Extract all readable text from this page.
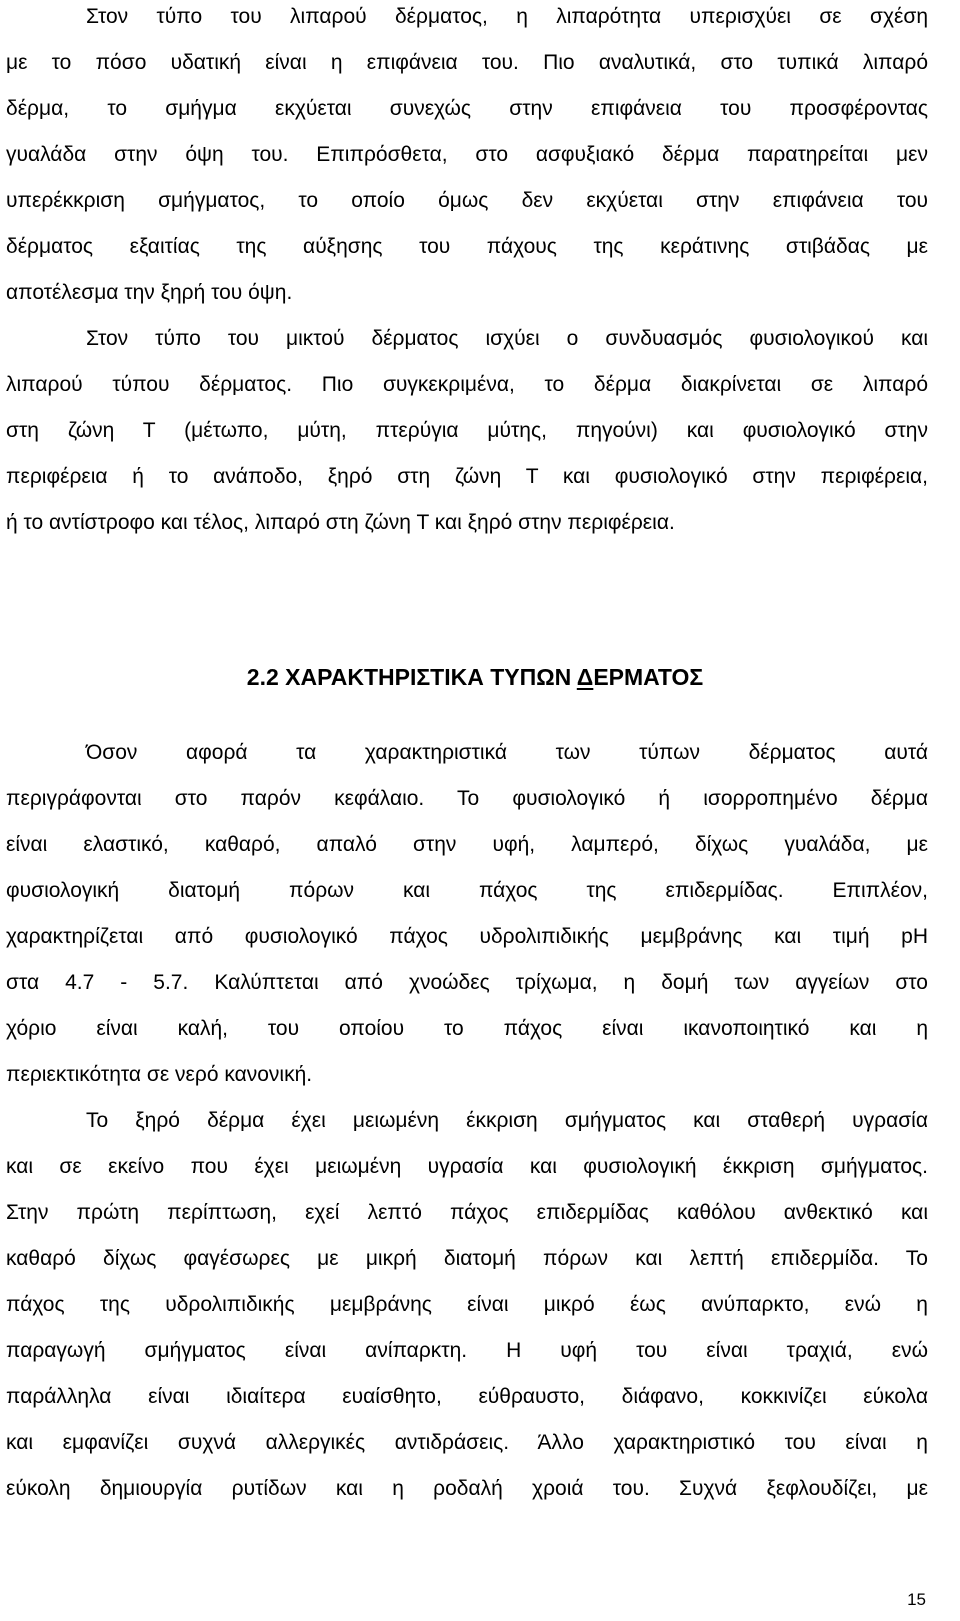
Στον τύπο του λιπαρού δέρματος, η λιπαρότητα υπερισχύει σε σχέση
με το πόσο υδατική είναι η επιφάνεια του. Πιο αναλυτικά, στο τυπικά λιπαρό
δέρμα, το σμήγμα εκχύεται συνεχώς στην επιφάνεια του προσφέροντας
γυαλάδα στην όψη του. Επιπρόσθετα, στο ασφυξιακό δέρμα παρατηρείται μεν
υπερέκκριση σμήγματος, το οποίο όμως δεν εκχύεται στην επιφάνεια του
δέρματος εξαιτίας της αύξησης του πάχους της κεράτινης στιβάδας με
αποτέλεσμα την ξηρή του όψη.
Στον τύπο του μικτού δέρματος ισχύει ο συνδυασμός φυσιολογικού και
λιπαρού τύπου δέρματος. Πιο συγκεκριμένα, το δέρμα διακρίνεται σε λιπαρό
στη ζώνη Τ (μέτωπο, μύτη, πτερύγια μύτης, πηγούνι) και φυσιολογικό στην
περιφέρεια ή το ανάποδο, ξηρό στη ζώνη Τ και φυσιολογικό στην περιφέρεια,
ή το αντίστροφο και τέλος, λιπαρό στη ζώνη Τ και ξηρό στην περιφέρεια.
2.2 ΧΑΡΑΚΤΗΡΙΣΤΙΚΑ ΤΥΠΩΝ ΔΕΡΜΑΤΟΣ
Όσον αφορά τα χαρακτηριστικά των τύπων δέρματος αυτά
περιγράφονται στο παρόν κεφάλαιο. Το φυσιολογικό ή ισορροπημένο δέρμα
είναι ελαστικό, καθαρό, απαλό στην υφή, λαμπερό, δίχως γυαλάδα, με
φυσιολογική διατομή πόρων και πάχος της επιδερμίδας. Επιπλέον,
χαρακτηρίζεται από φυσιολογικό πάχος υδρολιπιδικής μεμβράνης και τιμή pH
στα 4.7 - 5.7. Καλύπτεται από χνοώδες τρίχωμα, η δομή των αγγείων στο
χόριο είναι καλή, του οποίου το πάχος είναι ικανοποιητικό και η
περιεκτικότητα σε νερό κανονική.
Το ξηρό δέρμα έχει μειωμένη έκκριση σμήγματος και σταθερή υγρασία
και σε εκείνο που έχει μειωμένη υγρασία και φυσιολογική έκκριση σμήγματος.
Στην πρώτη περίπτωση, εχεί λεπτό πάχος επιδερμίδας καθόλου ανθεκτικό και
καθαρό δίχως φαγέσωρες με μικρή διατομή πόρων και λεπτή επιδερμίδα. Το
πάχος της υδρολιπιδικής μεμβράνης είναι μικρό έως ανύπαρκτο, ενώ η
παραγωγή σμήγματος είναι ανίπαρκτη. Η υφή του είναι τραχιά, ενώ
παράλληλα είναι ιδιαίτερα ευαίσθητο, εύθραυστο, διάφανο, κοκκινίζει εύκολα
και εμφανίζει συχνά αλλεργικές αντιδράσεις. Άλλο χαρακτηριστικό του είναι η
εύκολη δημιουργία ρυτίδων και η ροδαλή χροιά του. Συχνά ξεφλουδίζει, με
15
